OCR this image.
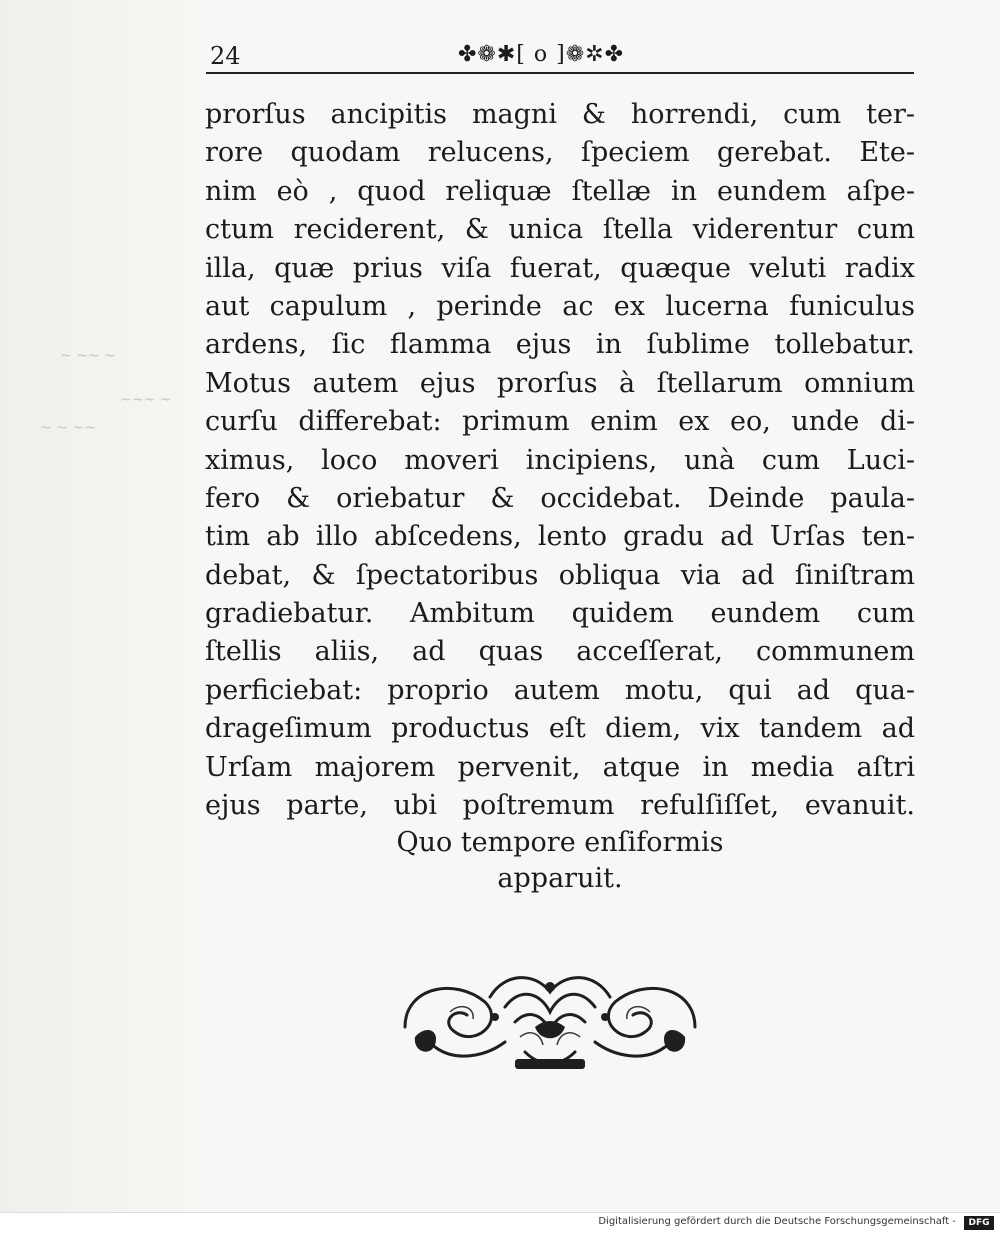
~ ~~ ~
~~~ ~
~ ~ ~~
24	✤❁✱[ o ]❁✲✤
prorſus ancipitis magni & horrendi, cum ter-
rore quodam relucens, ſpeciem gerebat. Ete-
nim eò , quod reliquæ ſtellæ in eundem aſpe-
ctum reciderent, & unica ſtella viderentur cum
illa, quæ prius viſa fuerat, quæque veluti radix
aut capulum , perinde ac ex lucerna funiculus
ardens, ſic flamma ejus in ſublime tollebatur.
Motus autem ejus prorſus à ſtellarum omnium
curſu differebat: primum enim ex eo, unde di-
ximus, loco moveri incipiens, unà cum Luci-
fero & oriebatur & occidebat. Deinde paula-
tim ab illo abſcedens, lento gradu ad Urſas ten-
debat, & ſpectatoribus obliqua via ad ſiniſtram
gradiebatur. Ambitum quidem eundem cum
ſtellis aliis, ad quas acceſſerat, communem
perficiebat: proprio autem motu, qui ad qua-
drageſimum productus eſt diem, vix tandem ad
Urſam majorem pervenit, atque in media aſtri
ejus parte, ubi poſtremum refulſiſſet, evanuit.
Quo tempore enſiformis
apparuit.
Digitalisierung gefördert durch die Deutsche Forschungsgemeinschaft -	DFG
